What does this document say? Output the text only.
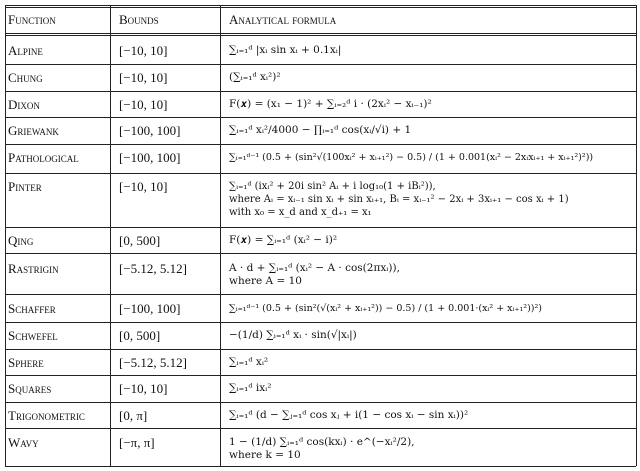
Function	Bounds	Analytical formula
Alpine	[−10, 10]	∑ᵢ₌₁ᵈ |xᵢ sin xᵢ + 0.1xᵢ|
Chung	[−10, 10]	(∑ᵢ₌₁ᵈ xᵢ²)²
Dixon	[−10, 10]	F(𝒙) = (x₁ − 1)² + ∑ᵢ₌₂ᵈ i · (2xᵢ² − xᵢ₋₁)²
Griewank	[−100, 100]	∑ᵢ₌₁ᵈ xᵢ²/4000 − ∏ᵢ₌₁ᵈ cos(xᵢ/√i) + 1
Pathological	[−100, 100]	∑ᵢ₌₁ᵈ⁻¹ (0.5 + (sin²√(100xᵢ² + xᵢ₊₁²) − 0.5) / (1 + 0.001(xᵢ² − 2xᵢxᵢ₊₁ + xᵢ₊₁²)²))
Pinter	[−10, 10]	∑ᵢ₌₁ᵈ (ixᵢ² + 20i sin² Aᵢ + i log₁₀(1 + iBᵢ²)),
where Aᵢ = xᵢ₋₁ sin xᵢ + sin xᵢ₊₁, Bᵢ = xᵢ₋₁² − 2xᵢ + 3xᵢ₊₁ − cos xᵢ + 1)
with x₀ = x_d and x_d₊₁ = x₁
Qing	[0, 500]	F(𝒙) = ∑ᵢ₌₁ᵈ (xᵢ² − i)²
Rastrigin	[−5.12, 5.12]	A · d + ∑ᵢ₌₁ᵈ (xᵢ² − A · cos(2πxᵢ)),
where A = 10
Schaffer	[−100, 100]	∑ᵢ₌₁ᵈ⁻¹ (0.5 + (sin²(√(xᵢ² + xᵢ₊₁²)) − 0.5) / (1 + 0.001·(xᵢ² + xᵢ₊₁²))²)
Schwefel	[0, 500]	−(1/d) ∑ᵢ₌₁ᵈ xᵢ · sin(√|xᵢ|)
Sphere	[−5.12, 5.12]	∑ᵢ₌₁ᵈ xᵢ²
Squares	[−10, 10]	∑ᵢ₌₁ᵈ ixᵢ²
Trigonometric	[0, π]	∑ᵢ₌₁ᵈ (d − ∑ⱼ₌₁ᵈ cos xⱼ + i(1 − cos xᵢ − sin xᵢ))²
Wavy	[−π, π]	1 − (1/d) ∑ᵢ₌₁ᵈ cos(kxᵢ) · e^(−xᵢ²/2),
where k = 10
